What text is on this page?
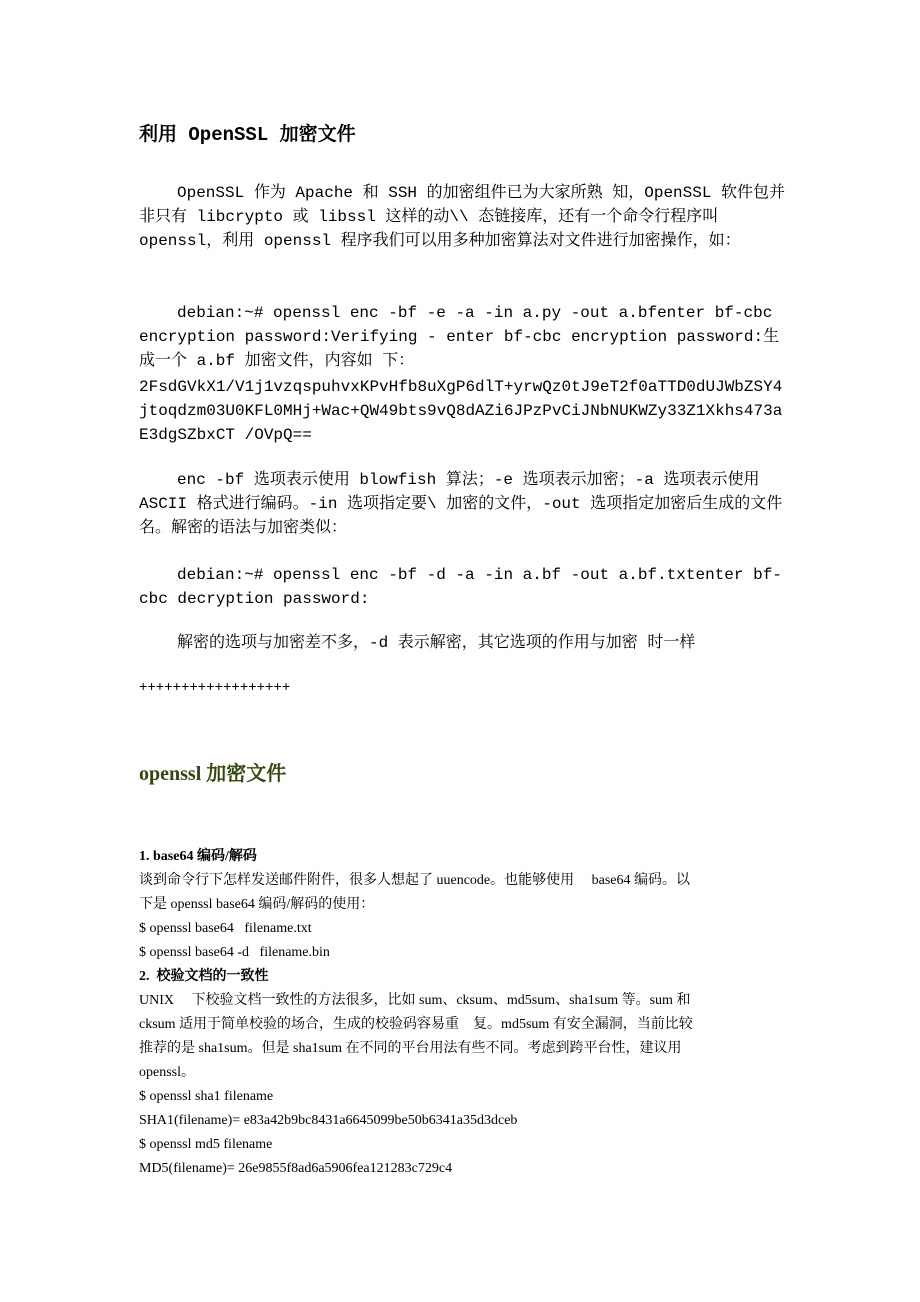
利用 OpenSSL 加密文件

OpenSSL 作为 Apache 和 SSH 的加密组件已为大家所熟 知，OpenSSL 软件包并非只有 libcrypto 或 libssl 这样的动\\ 态链接库，还有一个命令行程序叫 openssl，利用 openssl 程序我们可以用多种加密算法对文件进行加密操作，如：

debian:~# openssl enc -bf -e -a -in a.py -out a.bfenter bf-cbc encryption password:Verifying - enter bf-cbc encryption password:生成一个 a.bf 加密文件，内容如 下：

2FsdGVkX1/V1j1vzqspuhvxKPvHfb8uXgP6dlT+yrwQz0tJ9eT2f0aTTD0dUJWbZSY4jtoqdzm03U0KFL0MHj+Wac+QW49bts9vQ8dAZi6JPzPvCiJNbNUKWZy33Z1Xkhs473aE3dgSZbxCT /OVpQ==

enc -bf 选项表示使用 blowfish 算法；-e 选项表示加密；-a 选项表示使用 ASCII 格式进行编码。-in 选项指定要\ 加密的文件，-out 选项指定加密后生成的文件名。解密的语法与加密类似：

debian:~# openssl enc -bf -d -a -in a.bf -out a.bf.txtenter bf-cbc decryption password:

解密的选项与加密差不多，-d 表示解密，其它选项的作用与加密 时一样

++++++++++++++++++

openssl 加密文件
1. base64 编码/解码
谈到命令行下怎样发送邮件附件，很多人想起了 uuencode。也能够使用     base64 编码。以
下是 openssl base64 编码/解码的使用：
$ openssl base64   filename.txt
$ openssl base64 -d   filename.bin
2.  校验文档的一致性
UNIX     下校验文档一致性的方法很多，比如 sum、cksum、md5sum、sha1sum 等。sum 和
cksum 适用于简单校验的场合，生成的校验码容易重    复。md5sum 有安全漏洞，当前比较
推荐的是 sha1sum。但是 sha1sum 在不同的平台用法有些不同。考虑到跨平台性，建议用
openssl。
$ openssl sha1 filename
SHA1(filename)= e83a42b9bc8431a6645099be50b6341a35d3dceb
$ openssl md5 filename
MD5(filename)= 26e9855f8ad6a5906fea121283c729c4
